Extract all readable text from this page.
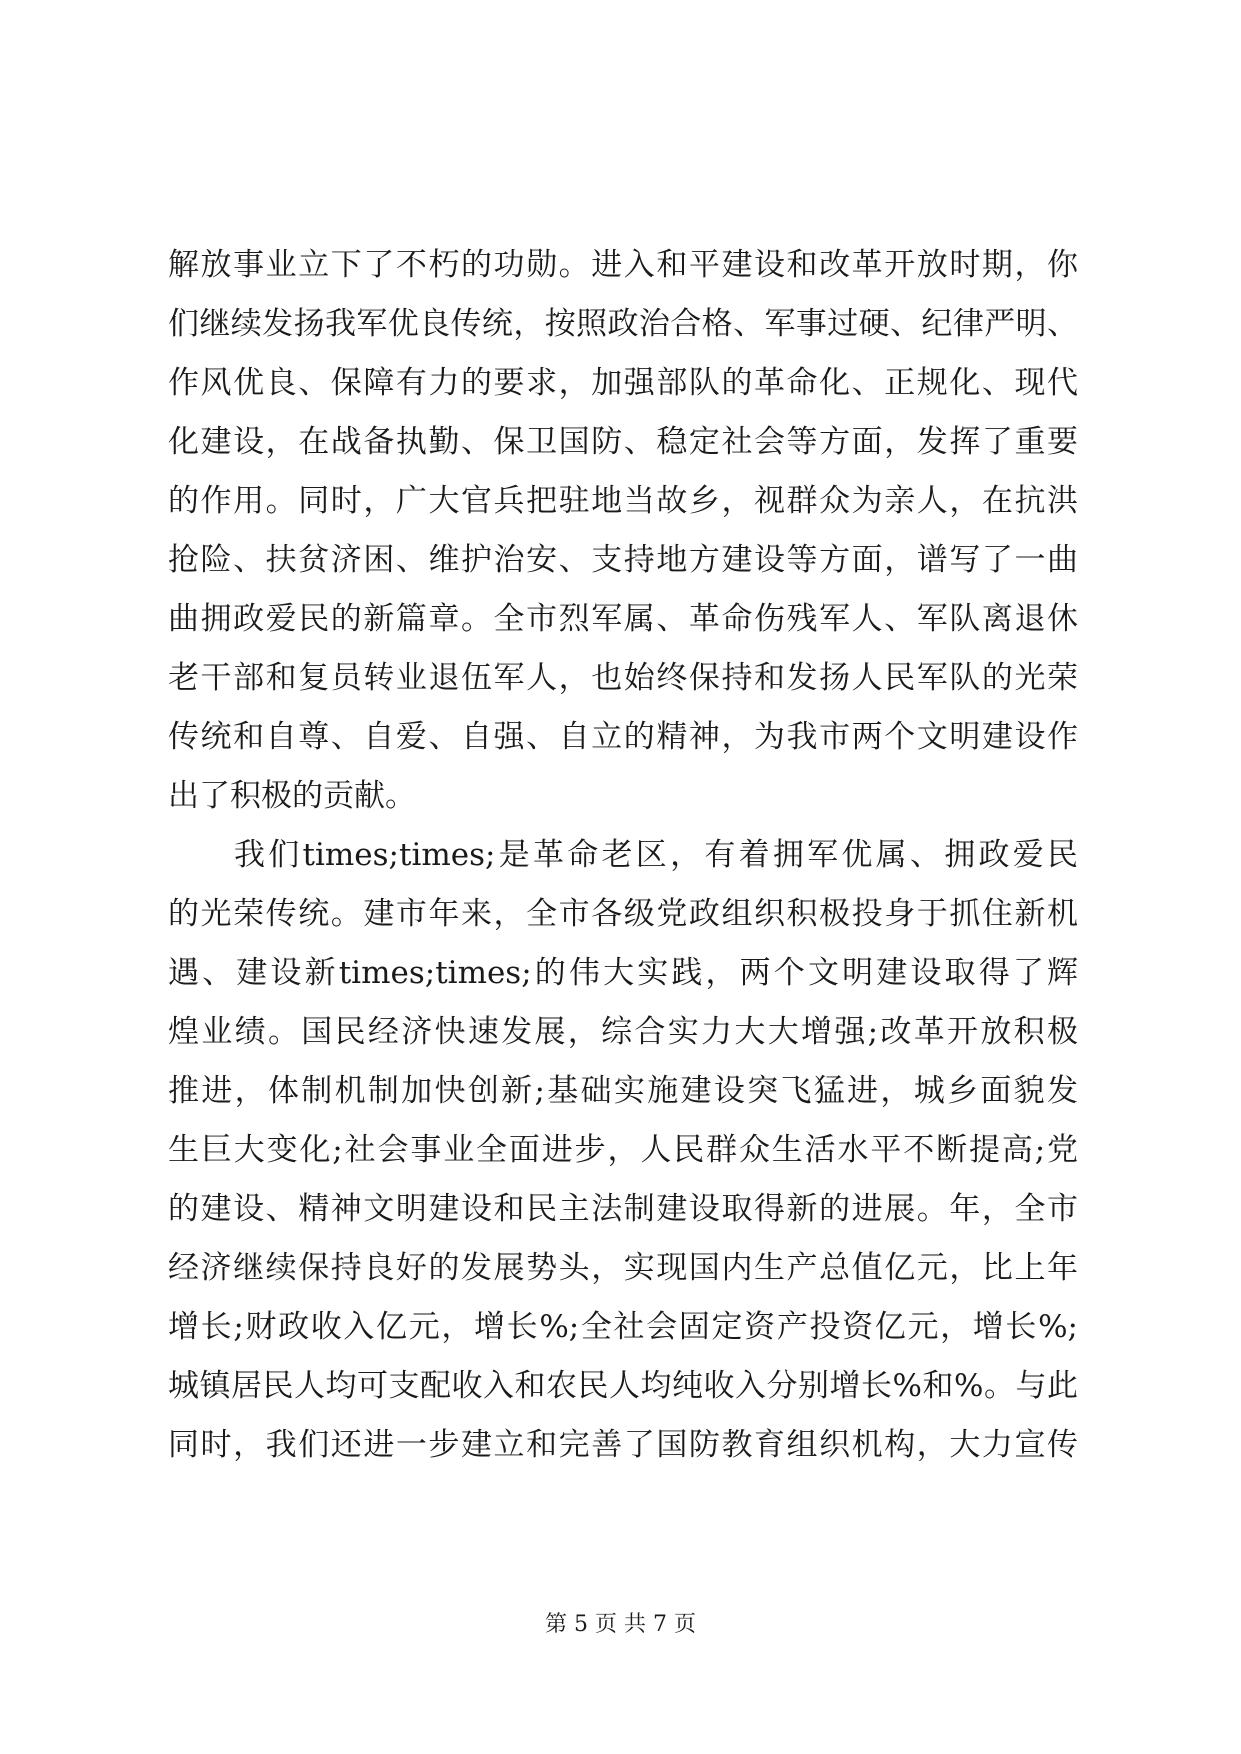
解放事业立下了不朽的功勋。进入和平建设和改革开放时期，你
们继续发扬我军优良传统，按照政治合格、军事过硬、纪律严明、
作风优良、保障有力的要求，加强部队的革命化、正规化、现代
化建设，在战备执勤、保卫国防、稳定社会等方面，发挥了重要
的作用。同时，广大官兵把驻地当故乡，视群众为亲人，在抗洪
抢险、扶贫济困、维护治安、支持地方建设等方面，谱写了一曲
曲拥政爱民的新篇章。全市烈军属、革命伤残军人、军队离退休
老干部和复员转业退伍军人，也始终保持和发扬人民军队的光荣
传统和自尊、自爱、自强、自立的精神，为我市两个文明建设作
出了积极的贡献。

我们times;times;是革命老区，有着拥军优属、拥政爱民
的光荣传统。建市年来，全市各级党政组织积极投身于抓住新机
遇、建设新times;times;的伟大实践，两个文明建设取得了辉
煌业绩。国民经济快速发展，综合实力大大增强;改革开放积极
推进，体制机制加快创新;基础实施建设突飞猛进，城乡面貌发
生巨大变化;社会事业全面进步，人民群众生活水平不断提高;党
的建设、精神文明建设和民主法制建设取得新的进展。年，全市
经济继续保持良好的发展势头，实现国内生产总值亿元，比上年
增长;财政收入亿元，增长%;全社会固定资产投资亿元，增长%;
城镇居民人均可支配收入和农民人均纯收入分别增长%和%。与此
同时，我们还进一步建立和完善了国防教育组织机构，大力宣传

第 5 页 共 7 页
